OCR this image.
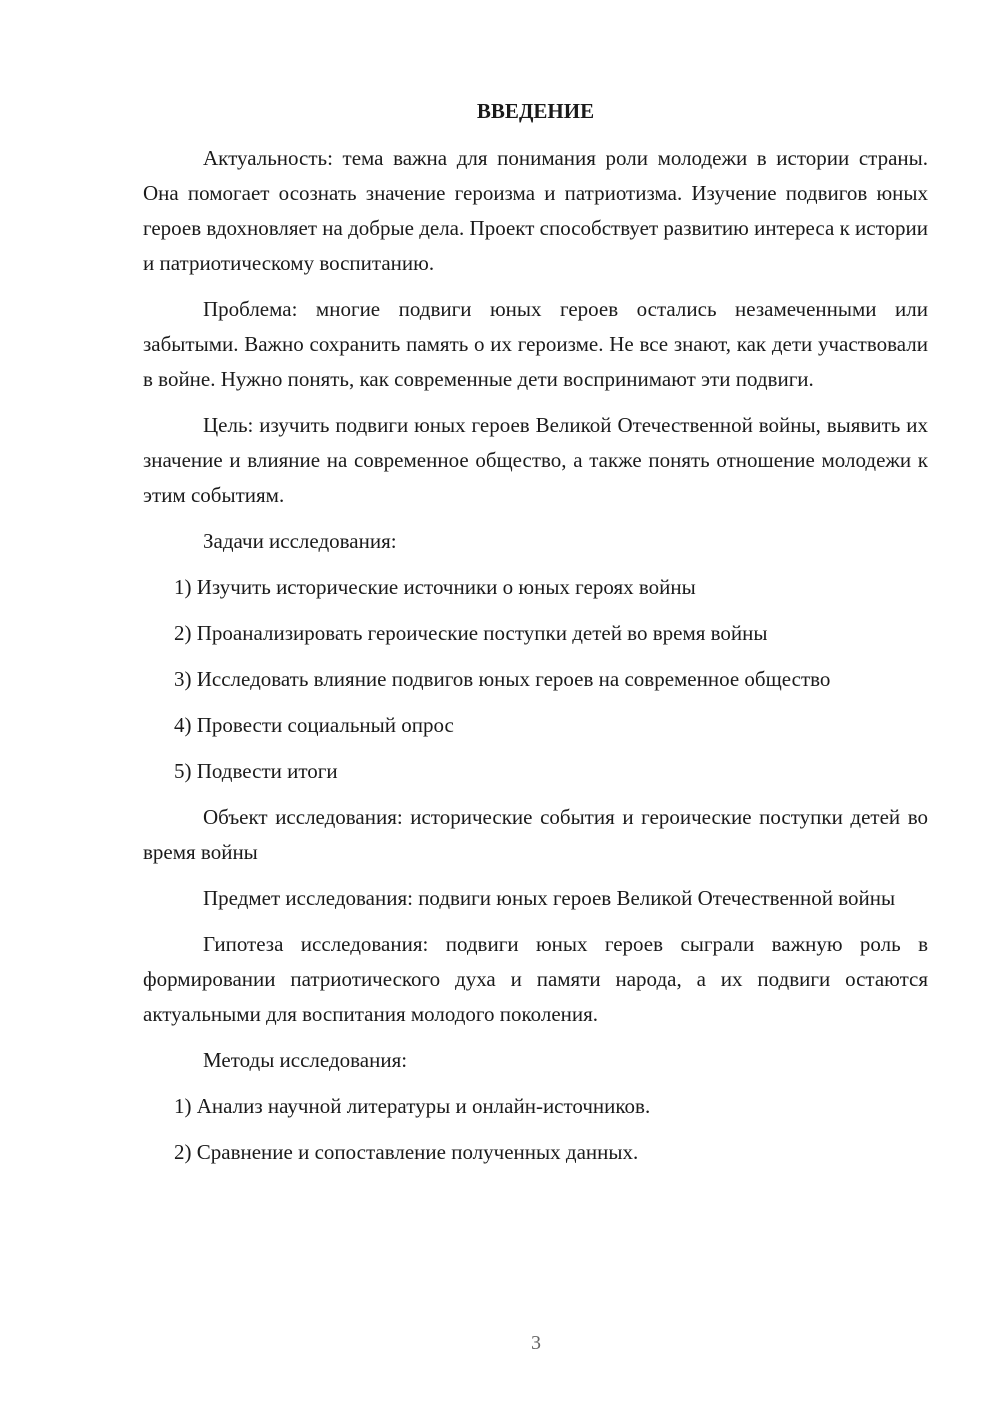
ВВЕДЕНИЕ

Актуальность: тема важна для понимания роли молодежи в истории страны. Она помогает осознать значение героизма и патриотизма. Изучение подвигов юных героев вдохновляет на добрые дела. Проект способствует развитию интереса к истории и патриотическому воспитанию.

Проблема: многие подвиги юных героев остались незамеченными или забытыми. Важно сохранить память о их героизме. Не все знают, как дети участвовали в войне. Нужно понять, как современные дети воспринимают эти подвиги.

Цель: изучить подвиги юных героев Великой Отечественной войны, выявить их значение и влияние на современное общество, а также понять отношение молодежи к этим событиям.

Задачи исследования:

1) Изучить исторические источники о юных героях войны

2) Проанализировать героические поступки детей во время войны

3) Исследовать влияние подвигов юных героев на современное общество

4) Провести социальный опрос

5) Подвести итоги

Объект исследования: исторические события и героические поступки детей во время войны

Предмет исследования: подвиги юных героев Великой Отечественной войны

Гипотеза исследования: подвиги юных героев сыграли важную роль в формировании патриотического духа и памяти народа, а их подвиги остаются актуальными для воспитания молодого поколения.

Методы исследования:

1) Анализ научной литературы и онлайн-источников.

2) Сравнение и сопоставление полученных данных.

3
